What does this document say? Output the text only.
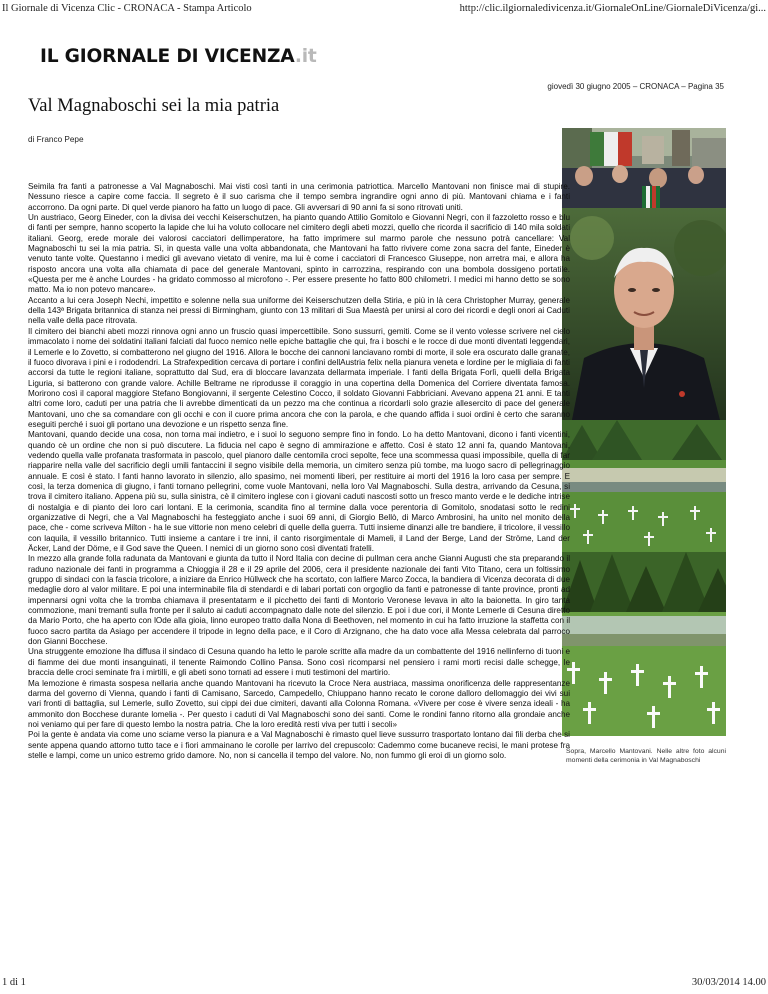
Il Giornale di Vicenza Clic - CRONACA - Stampa Articolo	http://clic.ilgiornaledivicenza.it/GiornaleOnLine/GiornaleDiVicenza/gi...
IL GIORNALE DI VICENZA.it
giovedì 30 giugno 2005 – CRONACA – Pagina 35
Val Magnaboschi sei la mia patria
di Franco Pepe
Sopra, Marcello Mantovani. Nelle altre foto alcuni momenti della cerimonia in Val Magnaboschi

Seimila fra fanti a patronesse a Val Magnaboschi. Mai visti così tanti in una cerimonia patriottica. Marcello Mantovani non finisce mai di stupire. Nessuno riesce a capire come faccia. Il segreto è il suo carisma che il tempo sembra ingrandire ogni anno di più. Mantovani chiama e i fanti accorrono. Da ogni parte. Di quel verde pianoro ha fatto un luogo di pace. Gli avversari di 90 anni fa si sono ritrovati uniti.

Un austriaco, Georg Eineder, con la divisa dei vecchi Keiserschutzen, ha pianto quando Attilio Gomitolo e Giovanni Negri, con il fazzoletto rosso e blu di fanti per sempre, hanno scoperto la lapide che lui ha voluto collocare nel cimitero degli abeti mozzi, quello che ricorda il sacrificio di 140 mila soldati italiani. Georg, erede morale dei valorosi cacciatori dellimperatore, ha fatto imprimere sul marmo parole che nessuno potrà cancellare: Val Magnaboschi tu sei la mia patria. Sì, in questa valle una volta abbandonata, che Mantovani ha fatto rivivere come zona sacra del fante, Eineder è venuto tante volte. Questanno i medici gli avevano vietato di venire, ma lui è come i cacciatori di Francesco Giuseppe, non arretra mai, e allora ha risposto ancora una volta alla chiamata di pace del generale Mantovani, spinto in carrozzina, respirando con una bombola dossigeno portatile. «Questa per me è anche Lourdes - ha gridato commosso al microfono -. Per essere presente ho fatto 800 chilometri. I medici mi hanno detto se sono matto. Ma io non potevo mancare».

Accanto a lui cera Joseph Nechi, impettito e solenne nella sua uniforme dei Keiserschutzen della Stiria, e più in là cera Christopher Murray, generale della 143ª Brigata britannica di stanza nei pressi di Birmingham, giunto con 13 militari di Sua Maestà per unirsi al coro dei ricordi e degli onori ai Caduti nella valle della pace ritrovata.

Il cimitero dei bianchi abeti mozzi rinnova ogni anno un fruscio quasi impercettibile. Sono sussurri, gemiti. Come se il vento volesse scrivere nel cielo immacolato i nome dei soldatini italiani falciati dal fuoco nemico nelle epiche battaglie che qui, fra i boschi e le rocce di due monti diventati leggendari, il Lemerle e lo Zovetto, si combatterono nel giugno del 1916. Allora le bocche dei cannoni lanciavano rombi di morte, il sole era oscurato dalle granate, il fuoco divorava i pini e i rododendri. La Strafexpedition cercava di portare i confini dellAustria felix nella pianura veneta e lordine per le migliaia di fanti accorsi da tutte le regioni italiane, soprattutto dal Sud, era di bloccare lavanzata dellarmata imperiale. I fanti della Brigata Forlì, quelli della Brigata Liguria, si batterono con grande valore. Achille Beltrame ne riprodusse il coraggio in una copertina della Domenica del Corriere diventata famosa. Morirono così il caporal maggiore Stefano Bongiovanni, il sergente Celestino Cocco, il soldato Giovanni Fabbriciani. Avevano appena 21 anni. E tanti altri come loro, caduti per una patria che li avrebbe dimenticati da un pezzo ma che continua a ricordarli solo grazie allesercito di pace del generale Mantovani, uno che sa comandare con gli occhi e con il cuore prima ancora che con la parola, e che quando affida i suoi ordini è certo che saranno eseguiti perché i suoi gli portano una devozione e un rispetto senza fine.

Mantovani, quando decide una cosa, non torna mai indietro, e i suoi lo seguono sempre fino in fondo. Lo ha detto Mantovani, dicono i fanti vicentini, quando cè un ordine che non si può discutere. La fiducia nel capo è segno di ammirazione e affetto. Così è stato 12 anni fa, quando Mantovani, vedendo quella valle profanata trasformata in pascolo, quel pianoro dalle centomila croci sepolte, fece una scommessa quasi impossibile, quella di far riapparire nella valle del sacrificio degli umili fantaccini il segno visibile della memoria, un cimitero senza più tombe, ma luogo sacro di pellegrinaggio annuale. E così è stato. I fanti hanno lavorato in silenzio, allo spasimo, nei momenti liberi, per restituire ai morti del 1916 la loro casa per sempre. E così, la terza domenica di giugno, i fanti tornano pellegrini, come vuole Mantovani, nella loro Val Magnaboschi. Sulla destra, arrivando da Cesuna, si trova il cimitero italiano. Appena più su, sulla sinistra, cè il cimitero inglese con i giovani caduti nascosti sotto un fresco manto verde e le dediche intrise di nostalgia e di pianto dei loro cari lontani. E la cerimonia, scandita fino al termine dalla voce perentoria di Gomitolo, snodatasi sotto le redini organizzative di Negri, che a Val Magnaboschi ha festeggiato anche i suoi 69 anni, di Giorgio Bellò, di Marco Ambrosini, ha unito nel monito della pace, che - come scriveva Milton - ha le sue vittorie non meno celebri di quelle della guerra. Tutti insieme dinanzi alle tre bandiere, il tricolore, il vessillo con laquila, il vessillo britannico. Tutti insieme a cantare i tre inni, il canto risorgimentale di Mameli, il Land der Berge, Land der Ströme, Land der Äcker, Land der Döme, e il God save the Queen. I nemici di un giorno sono così diventati fratelli.

In mezzo alla grande folla radunata da Mantovani e giunta da tutto il Nord Italia con decine di pullman cera anche Gianni Augusti che sta preparando il raduno nazionale dei fanti in programma a Chioggia il 28 e il 29 aprile del 2006, cera il presidente nazionale dei fanti Vito Titano, cera un foltissimo gruppo di sindaci con la fascia tricolore, a iniziare da Enrico Hüllweck che ha scortato, con lalfiere Marco Zocca, la bandiera di Vicenza decorata di due medaglie doro al valor militare. E poi una interminabile fila di stendardi e di labari portati con orgoglio da fanti e patronesse di tante province, pronti ad impennarsi ogni volta che la tromba chiamava il presentatarm e il picchetto dei fanti di Montorio Veronese levava in alto la baionetta. In giro tanta commozione, mani tremanti sulla fronte per il saluto ai caduti accompagnato dalle note del silenzio. E poi i due cori, il Monte Lemerle di Cesuna diretto da Mario Porto, che ha aperto con lOde alla gioia, linno europeo tratto dalla Nona di Beethoven, nel momento in cui ha fatto irruzione la staffetta con il fuoco sacro partita da Asiago per accendere il tripode in legno della pace, e il Coro di Arzignano, che ha dato voce alla Messa celebrata dal parroco don Gianni Bocchese.

Una struggente emozione lha diffusa il sindaco di Cesuna quando ha letto le parole scritte alla madre da un combattente del 1916 nellinferno di tuoni e di fiamme dei due monti insanguinati, il tenente Raimondo Collino Pansa. Sono così ricomparsi nel pensiero i rami morti recisi dalle schegge, le braccia delle croci seminate fra i mirtilli, e gli abeti sono tornati ad essere i muti testimoni del martirio.

Ma lemozione è rimasta sospesa nellaria anche quando Mantovani ha ricevuto la Croce Nera austriaca, massima onorificenza delle rappresentanze darma del governo di Vienna, quando i fanti di Camisano, Sarcedo, Campedello, Chiuppano hanno recato le corone dalloro dellomaggio dei vivi sui vari fronti di battaglia, sul Lemerle, sullo Zovetto, sui cippi dei due cimiteri, davanti alla Colonna Romana. «Vivere per cose è vivere senza ideali - ha ammonito don Bocchese durante lomelia -. Per questo i caduti di Val Magnaboschi sono dei santi. Come le rondini fanno ritorno alla grondaie anche noi veniamo qui per fare di questo lembo la nostra patria. Che la loro eredità resti viva per tutti i secoli»

Poi la gente è andata via come uno sciame verso la pianura e a Val Magnaboschi è rimasto quel lieve sussurro trasportato lontano dai fili derba che si sente appena quando attorno tutto tace e i fiori ammainano le corolle per larrivo del crepuscolo: Cademmo come bucaneve recisi, le mani protese fra stelle e lampi, come un unico estremo grido damore. No, non si cancella il tempo del valore. No, non fummo gli eroi di un giorno solo.

1 di 1	30/03/2014 14.00
